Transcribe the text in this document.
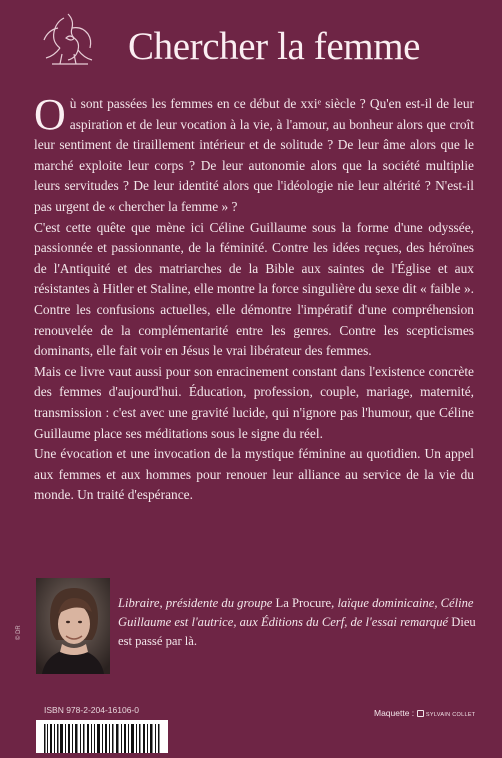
Chercher la femme

Où sont passées les femmes en ce début de xxiᵉ siècle ? Qu'en est-il de leur aspiration et de leur vocation à la vie, à l'amour, au bonheur alors que croît leur sentiment de tiraillement intérieur et de solitude ? De leur âme alors que le marché exploite leur corps ? De leur autonomie alors que la société multiplie leurs servitudes ? De leur identité alors que l'idéologie nie leur altérité ? N'est-il pas urgent de « chercher la femme » ?

C'est cette quête que mène ici Céline Guillaume sous la forme d'une odyssée, passionnée et passionnante, de la féminité. Contre les idées reçues, des héroïnes de l'Antiquité et des matriarches de la Bible aux saintes de l'Église et aux résistantes à Hitler et Staline, elle montre la force singulière du sexe dit « faible ». Contre les confusions actuelles, elle démontre l'impératif d'une compréhension renouvelée de la complémentarité entre les genres. Contre les scepticismes dominants, elle fait voir en Jésus le vrai libérateur des femmes.

Mais ce livre vaut aussi pour son enracinement constant dans l'existence concrète des femmes d'aujourd'hui. Éducation, profession, couple, mariage, maternité, transmission : c'est avec une gravité lucide, qui n'ignore pas l'humour, que Céline Guillaume place ses méditations sous le signe du réel.

Une évocation et une invocation de la mystique féminine au quotidien. Un appel aux femmes et aux hommes pour renouer leur alliance au service de la vie du monde. Un traité d'espérance.

© DR
Libraire, présidente du groupe La Procure, laïque dominicaine, Céline Guillaume est l'autrice, aux Éditions du Cerf, de l'essai remarqué Dieu est passé par là.
ISBN 978-2-204-16106-0	Maquette : SYLVAIN COLLET
